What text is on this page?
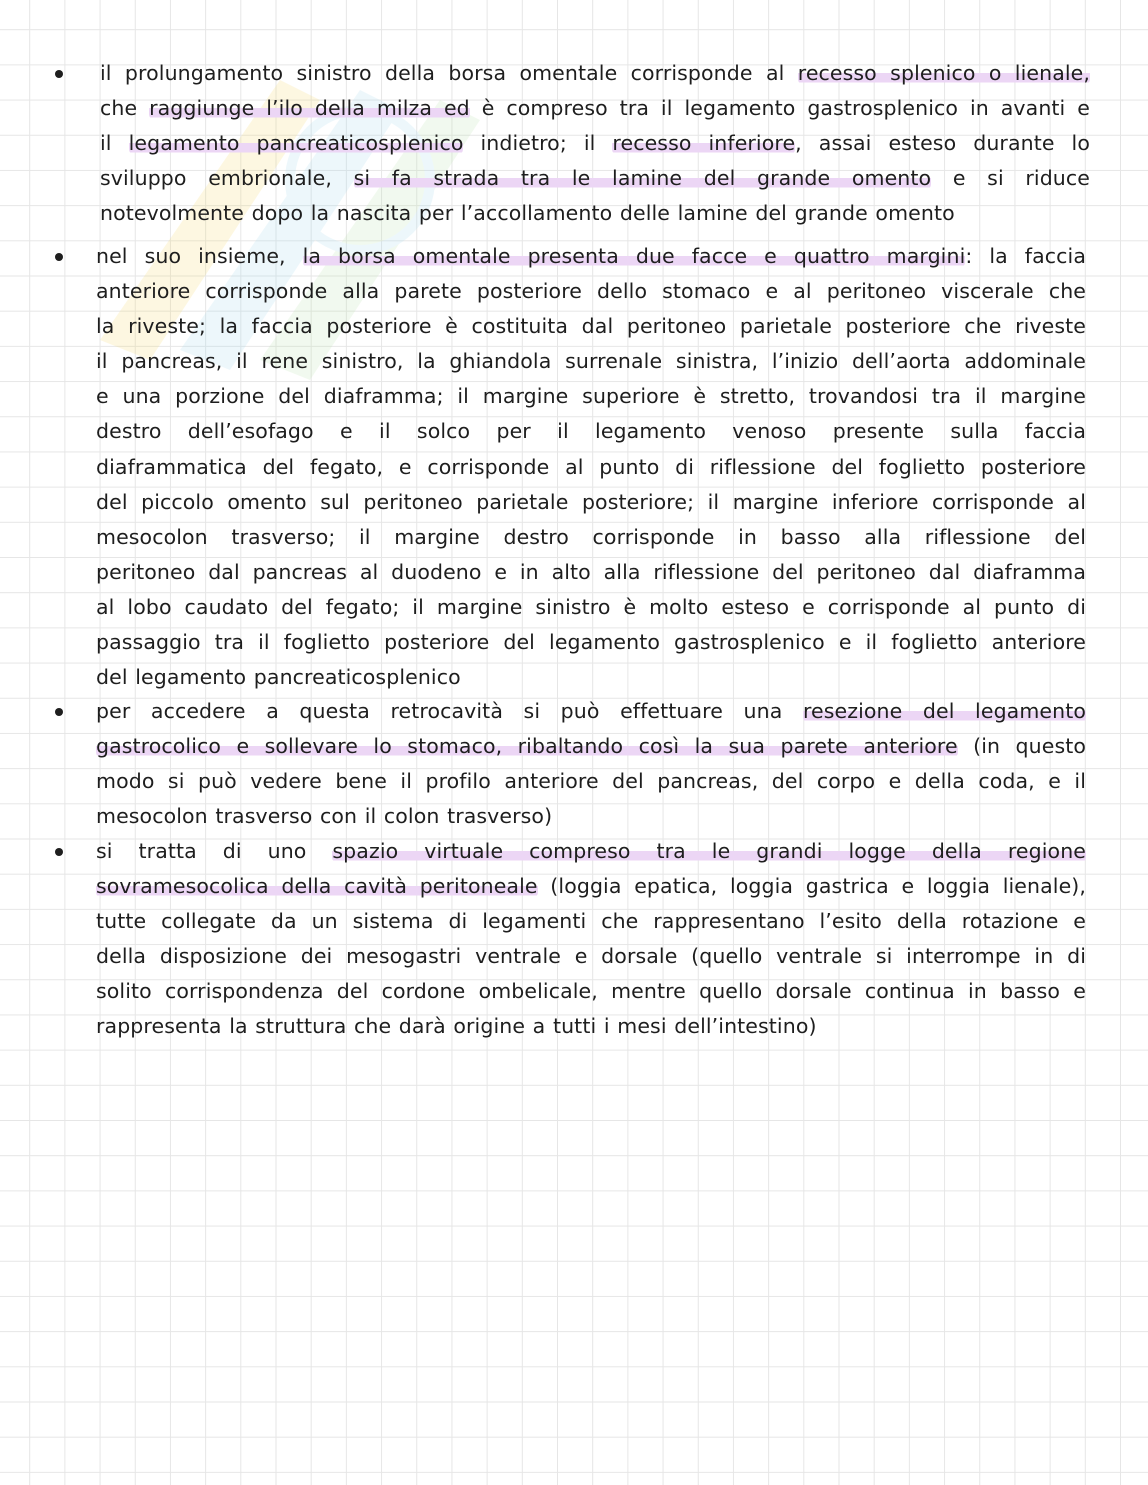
il prolungamento sinistro della borsa omentale corrisponde al recesso splenico o lienale,
che raggiunge l’ilo della milza ed è compreso tra il legamento gastrosplenico in avanti e
il legamento pancreaticosplenico indietro; il recesso inferiore, assai esteso durante lo
sviluppo embrionale, si fa strada tra le lamine del grande omento e si riduce
notevolmente dopo la nascita per l’accollamento delle lamine del grande omento
nel suo insieme, la borsa omentale presenta due facce e quattro margini: la faccia
anteriore corrisponde alla parete posteriore dello stomaco e al peritoneo viscerale che
la riveste; la faccia posteriore è costituita dal peritoneo parietale posteriore che riveste
il pancreas, il rene sinistro, la ghiandola surrenale sinistra, l’inizio dell’aorta addominale
e una porzione del diaframma; il margine superiore è stretto, trovandosi tra il margine
destro dell’esofago e il solco per il legamento venoso presente sulla faccia
diaframmatica del fegato, e corrisponde al punto di riflessione del foglietto posteriore
del piccolo omento sul peritoneo parietale posteriore; il margine inferiore corrisponde al
mesocolon trasverso; il margine destro corrisponde in basso alla riflessione del
peritoneo dal pancreas al duodeno e in alto alla riflessione del peritoneo dal diaframma
al lobo caudato del fegato; il margine sinistro è molto esteso e corrisponde al punto di
passaggio tra il foglietto posteriore del legamento gastrosplenico e il foglietto anteriore
del legamento pancreaticosplenico
per accedere a questa retrocavità si può effettuare una resezione del legamento
gastrocolico e sollevare lo stomaco, ribaltando così la sua parete anteriore (in questo
modo si può vedere bene il profilo anteriore del pancreas, del corpo e della coda, e il
mesocolon trasverso con il colon trasverso)
si tratta di uno spazio virtuale compreso tra le grandi logge della regione
sovramesocolica della cavità peritoneale (loggia epatica, loggia gastrica e loggia lienale),
tutte collegate da un sistema di legamenti che rappresentano l’esito della rotazione e
della disposizione dei mesogastri ventrale e dorsale (quello ventrale si interrompe in di
solito corrispondenza del cordone ombelicale, mentre quello dorsale continua in basso e
rappresenta la struttura che darà origine a tutti i mesi dell’intestino)
